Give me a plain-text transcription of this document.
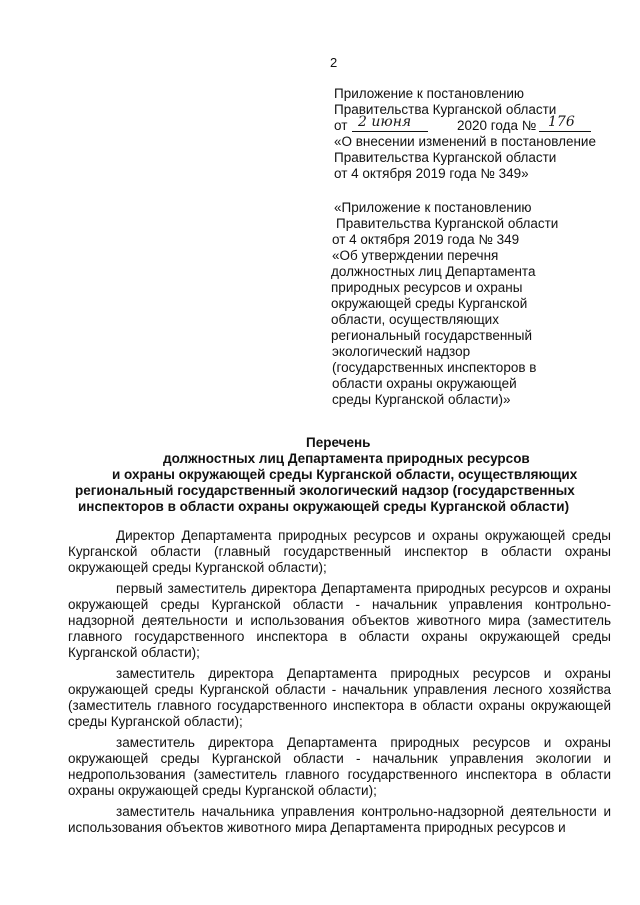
2
Приложение к постановлению
Правительства Курганской области
от 2 июня	2020 года № 176
«О внесении изменений в постановление
Правительства Курганской области
от 4 октября 2019 года № 349»
«Приложение к постановлению
Правительства Курганской области
от 4 октября 2019 года № 349
«Об утверждении перечня
должностных лиц Департамента
природных ресурсов и охраны
окружающей среды Курганской
области, осуществляющих
региональный государственный
экологический надзор
(государственных инспекторов в
области охраны окружающей
среды Курганской области)»
Перечень
должностных лиц Департамента природных ресурсов
и охраны окружающей среды Курганской области, осуществляющих
региональный государственный экологический надзор (государственных
инспекторов в области охраны окружающей среды Курганской области)

Директор Департамента природных ресурсов и охраны окружающей среды Курганской области (главный государственный инспектор в области охраны окружающей среды Курганской области);

первый заместитель директора Департамента природных ресурсов и охраны окружающей среды Курганской области - начальник управления контрольно-надзорной деятельности и использования объектов животного мира (заместитель главного государственного инспектора в области охраны окружающей среды Курганской области);

заместитель директора Департамента природных ресурсов и охраны окружающей среды Курганской области - начальник управления лесного хозяйства (заместитель главного государственного инспектора в области охраны окружающей среды Курганской области);

заместитель директора Департамента природных ресурсов и охраны окружающей среды Курганской области - начальник управления экологии и недропользования (заместитель главного государственного инспектора в области охраны окружающей среды Курганской области);

заместитель начальника управления контрольно-надзорной деятельности и использования объектов животного мира Департамента природных ресурсов и
